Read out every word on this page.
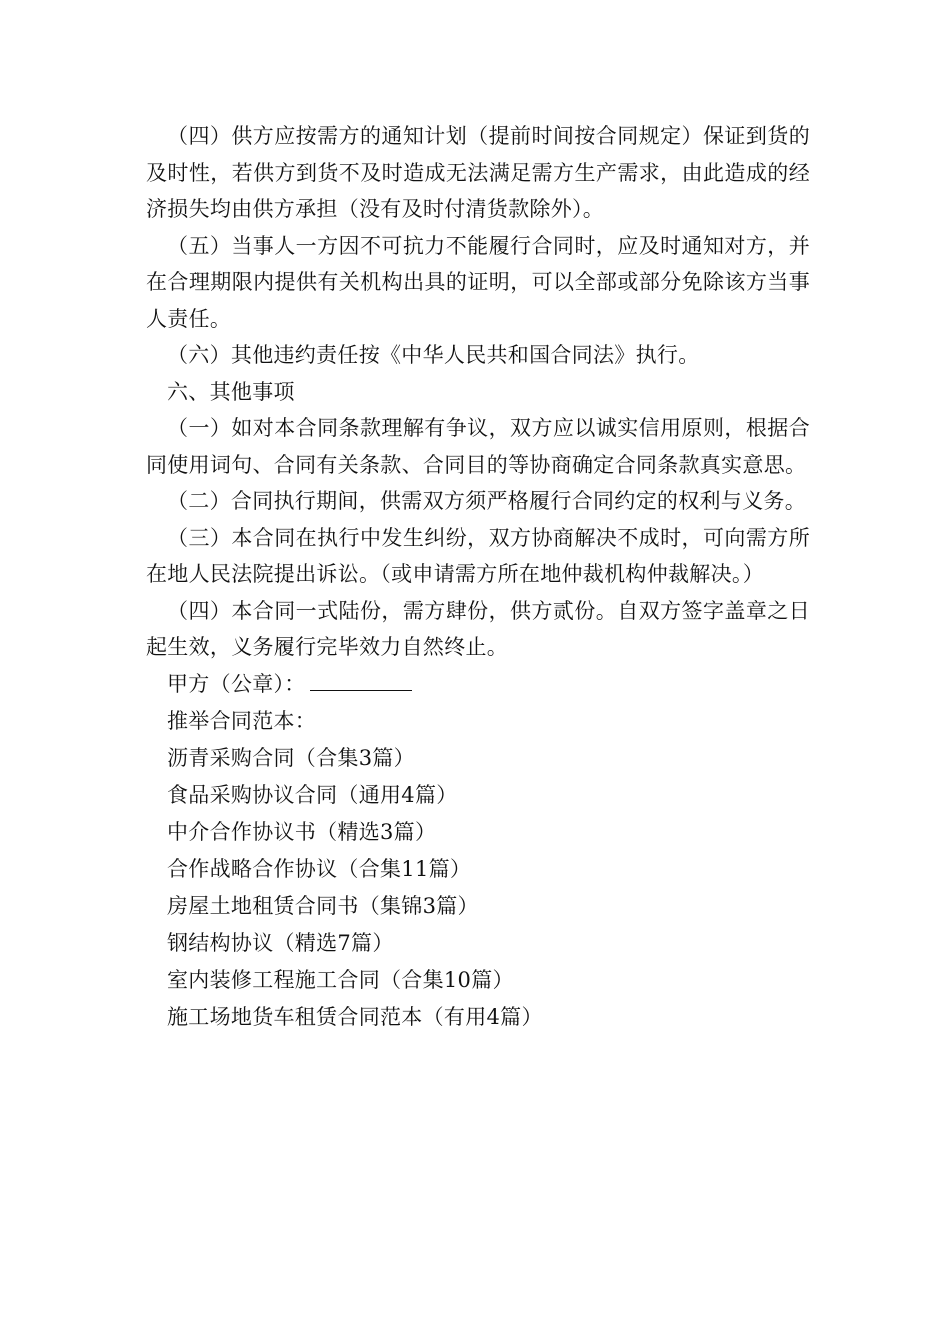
（四）供方应按需方的通知计划（提前时间按合同规定）保证到货的及时性，若供方到货不及时造成无法满足需方生产需求，由此造成的经济损失均由供方承担（没有及时付清货款除外）。

（五）当事人一方因不可抗力不能履行合同时，应及时通知对方，并在合理期限内提供有关机构出具的证明，可以全部或部分免除该方当事人责任。

（六）其他违约责任按《中华人民共和国合同法》执行。

六、其他事项

（一）如对本合同条款理解有争议，双方应以诚实信用原则，根据合同使用词句、合同有关条款、合同目的等协商确定合同条款真实意思。

（二）合同执行期间，供需双方须严格履行合同约定的权利与义务。

（三）本合同在执行中发生纠纷，双方协商解决不成时，可向需方所在地人民法院提出诉讼。（或申请需方所在地仲裁机构仲裁解决。）

（四）本合同一式陆份，需方肆份，供方贰份。自双方签字盖章之日起生效，义务履行完毕效力自然终止。

甲方（公章）：

推举合同范本：

沥青采购合同（合集3篇）

食品采购协议合同（通用4篇）

中介合作协议书（精选3篇）

合作战略合作协议（合集11篇）

房屋土地租赁合同书（集锦3篇）

钢结构协议（精选7篇）

室内装修工程施工合同（合集10篇）

施工场地货车租赁合同范本（有用4篇）
